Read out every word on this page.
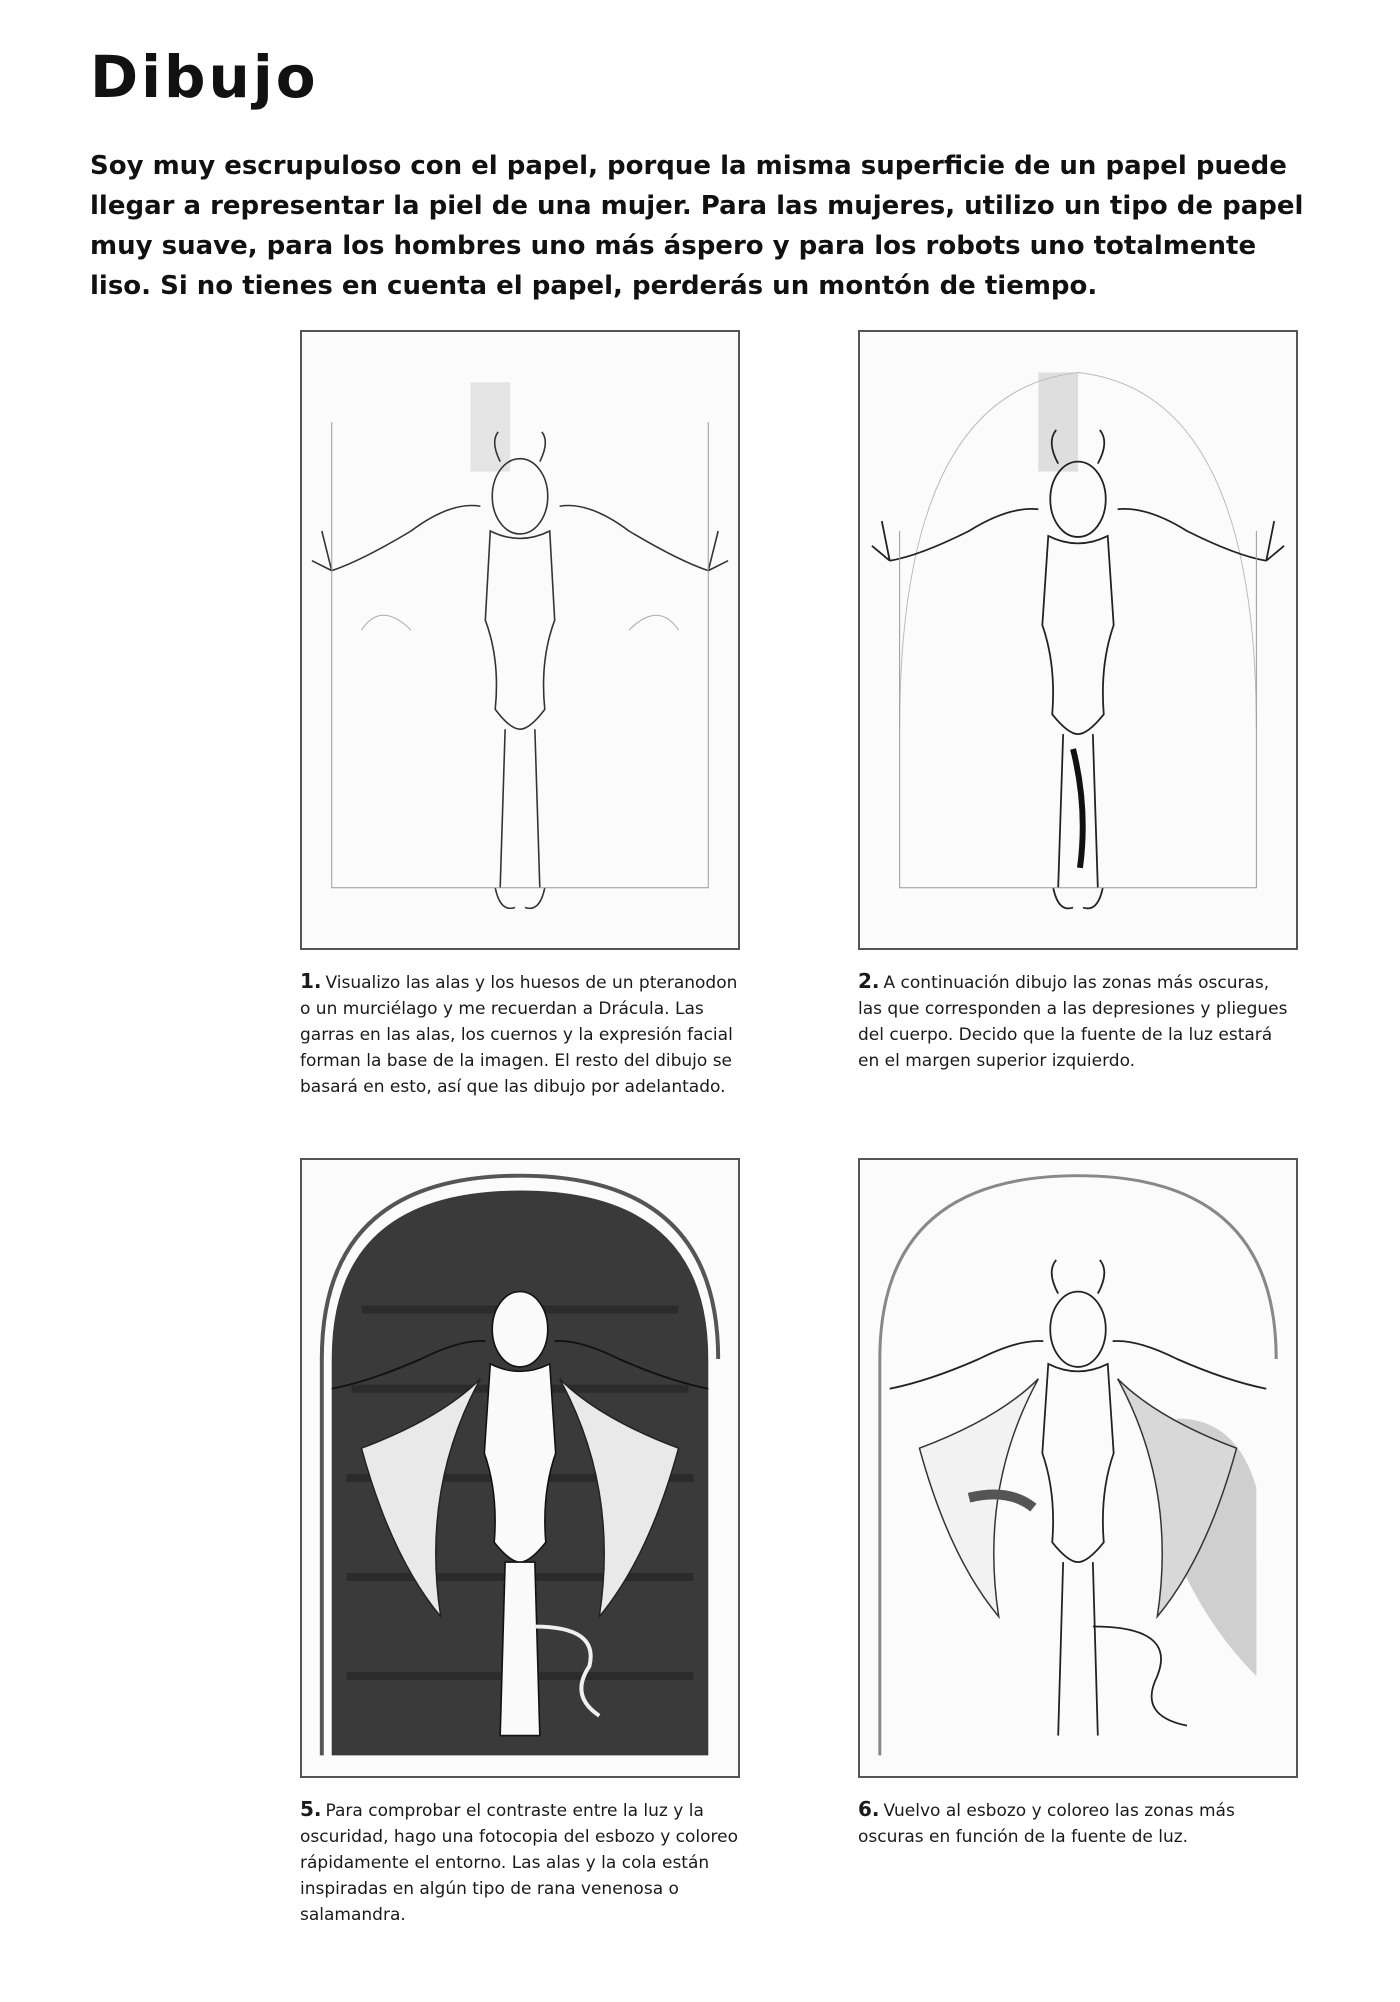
Dibujo

Soy muy escrupuloso con el papel, porque la misma superficie de un papel puede llegar a representar la piel de una mujer. Para las mujeres, utilizo un tipo de papel muy suave, para los hombres uno más áspero y para los robots uno totalmente liso. Si no tienes en cuenta el papel, perderás un montón de tiempo.

1. Visualizo las alas y los huesos de un pteranodon o un murciélago y me recuerdan a Drácula. Las garras en las alas, los cuernos y la expresión facial forman la base de la imagen. El resto del dibujo se basará en esto, así que las dibujo por adelantado.
2. A continuación dibujo las zonas más oscuras, las que corresponden a las depresiones y pliegues del cuerpo. Decido que la fuente de la luz estará en el margen superior izquierdo.
5. Para comprobar el contraste entre la luz y la oscuridad, hago una fotocopia del esbozo y coloreo rápidamente el entorno. Las alas y la cola están inspiradas en algún tipo de rana venenosa o salamandra.
6. Vuelvo al esbozo y coloreo las zonas más oscuras en función de la fuente de luz.
